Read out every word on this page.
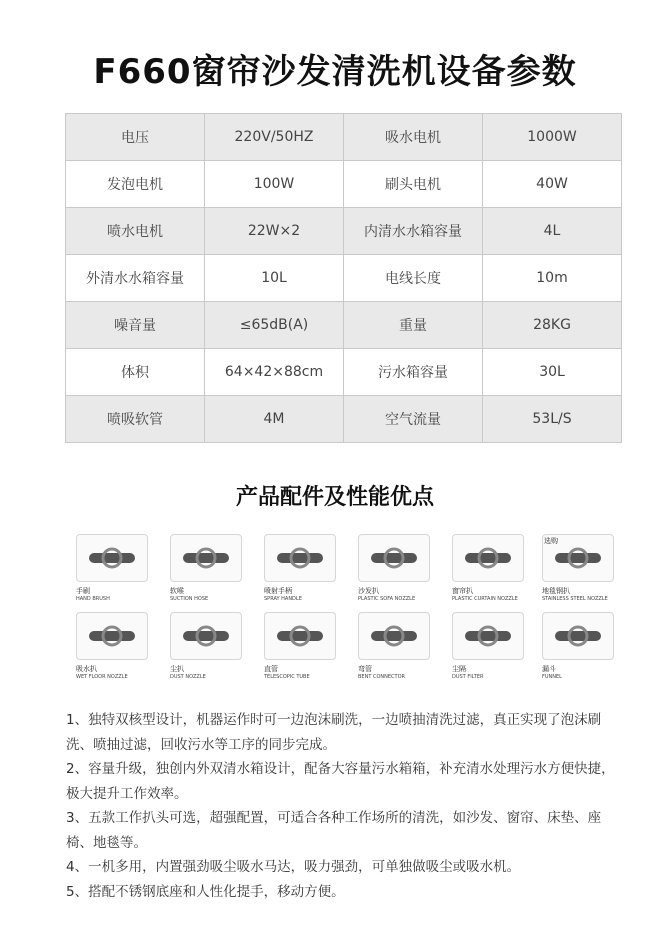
F660窗帘沙发清洗机设备参数
电压	220V/50HZ	吸水电机	1000W
发泡电机	100W	刷头电机	40W
喷水电机	22W×2	内清水水箱容量	4L
外清水水箱容量	10L	电线长度	10m
噪音量	≤65dB(A)	重量	28KG
体积	64×42×88cm	污水箱容量	30L
喷吸软管	4M	空气流量	53L/S
产品配件及性能优点
手刷
HAND BRUSH
软喉
SUCTION HOSE
喷射手柄
SPRAY HANDLE
沙发扒
PLASTIC SOFA NOZZLE
窗帘扒
PLASTIC CURTAIN NOZZLE
选购
地毯钢扒
STAINLESS STEEL NOZZLE
吸水扒
WET FLOOR NOZZLE
尘扒
DUST NOZZLE
直管
TELESCOPIC TUBE
弯管
BENT CONNECTOR
尘隔
DUST FILTER
漏斗
FUNNEL

1、独特双核型设计，机器运作时可一边泡沫刷洗，一边喷抽清洗过滤，真正实现了泡沫刷洗、喷抽过滤，回收污水等工序的同步完成。

2、容量升级，独创内外双清水箱设计，配备大容量污水箱箱，补充清水处理污水方便快捷，极大提升工作效率。

3、五款工作扒头可选，超强配置，可适合各种工作场所的清洗，如沙发、窗帘、床垫、座椅、地毯等。

4、一机多用，内置强劲吸尘吸水马达，吸力强劲，可单独做吸尘或吸水机。

5、搭配不锈钢底座和人性化提手，移动方便。
